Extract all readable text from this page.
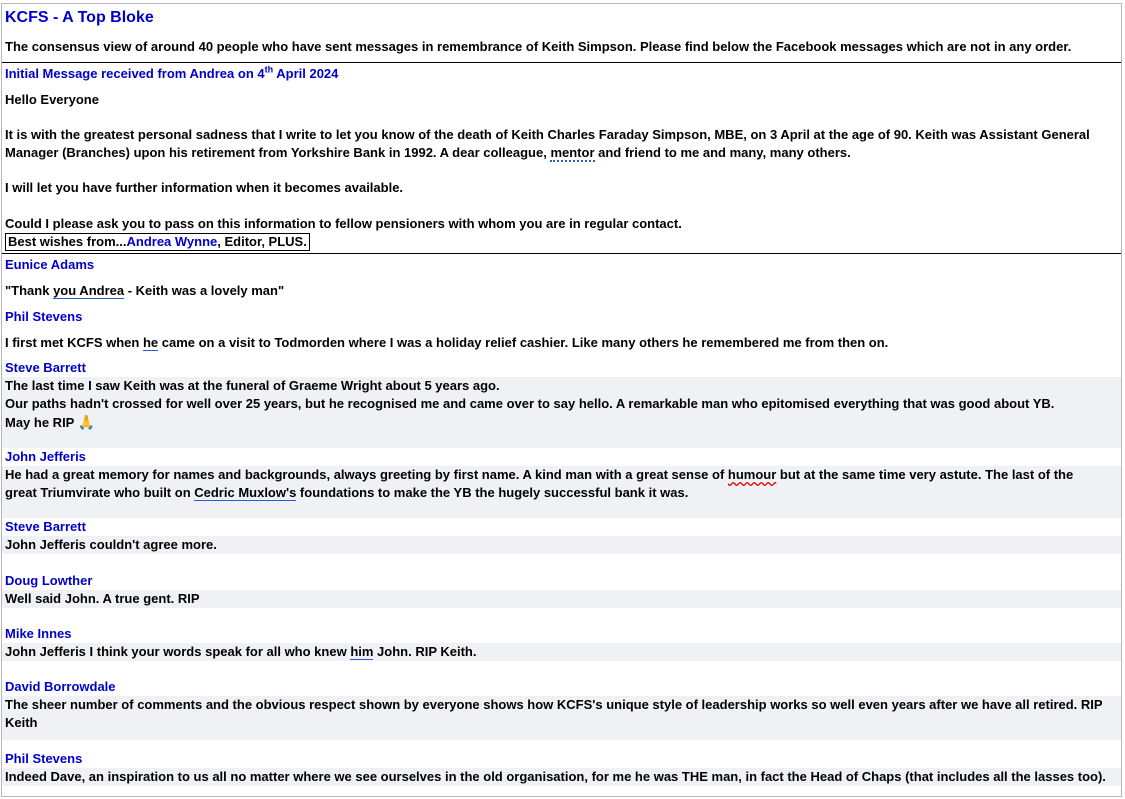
KCFS - A Top Bloke
The consensus view of around 40 people who have sent messages in remembrance of Keith Simpson. Please find below the Facebook messages which are not in any order.
Initial Message received from Andrea on 4th April 2024
Hello Everyone
It is with the greatest personal sadness that I write to let you know of the death of Keith Charles Faraday Simpson, MBE, on 3 April at the age of 90. Keith was Assistant General
Manager (Branches) upon his retirement from Yorkshire Bank in 1992. A dear colleague, mentor and friend to me and many, many others.
I will let you have further information when it becomes available.
Could I please ask you to pass on this information to fellow pensioners with whom you are in regular contact.
Best wishes from...Andrea Wynne, Editor, PLUS.
Eunice Adams
"Thank you Andrea - Keith was a lovely man"
Phil Stevens
I first met KCFS when he came on a visit to Todmorden where I was a holiday relief cashier. Like many others he remembered me from then on.
Steve Barrett
The last time I saw Keith was at the funeral of Graeme Wright about 5 years ago.
Our paths hadn't crossed for well over 25 years, but he recognised me and came over to say hello. A remarkable man who epitomised everything that was good about YB.
May he RIP 🙏
John Jefferis
He had a great memory for names and backgrounds, always greeting by first name. A kind man with a great sense of humour but at the same time very astute. The last of the
great Triumvirate who built on Cedric Muxlow's foundations to make the YB the hugely successful bank it was.
Steve Barrett
John Jefferis couldn't agree more.
Doug Lowther
Well said John. A true gent. RIP
Mike Innes
John Jefferis I think your words speak for all who knew him John. RIP Keith.
David Borrowdale
The sheer number of comments and the obvious respect shown by everyone shows how KCFS's unique style of leadership works so well even years after we have all retired. RIP
Keith
Phil Stevens
Indeed Dave, an inspiration to us all no matter where we see ourselves in the old organisation, for me he was THE man, in fact the Head of Chaps (that includes all the lasses too).
